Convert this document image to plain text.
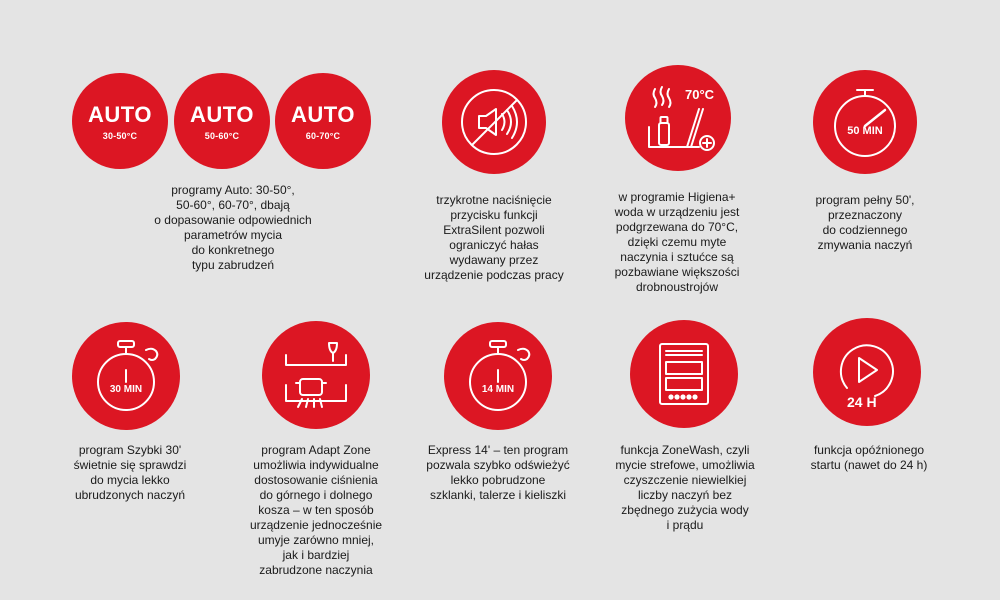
AUTO
30-50°C
AUTO
50-60°C
AUTO
60-70°C
programy Auto: 30-50°,
50-60°, 60-70°, dbają
o dopasowanie odpowiednich
parametrów mycia
do konkretnego
typu zabrudzeń
trzykrotne naciśnięcie
przycisku funkcji
ExtraSilent pozwoli
ograniczyć hałas
wydawany przez
urządzenie podczas pracy
70°C
w programie Higiena+
woda w urządzeniu jest
podgrzewana do 70°C,
dzięki czemu myte
naczynia i sztućce są
pozbawiane większości
drobnoustrojów
50 MIN
program pełny 50',
przeznaczony
do codziennego
zmywania naczyń
30 MIN
program Szybki 30'
świetnie się sprawdzi
do mycia lekko
ubrudzonych naczyń
program Adapt Zone
umożliwia indywidualne
dostosowanie ciśnienia
do górnego i dolnego
kosza – w ten sposób
urządzenie jednocześnie
umyje zarówno mniej,
jak i bardziej
zabrudzone naczynia
14 MIN
Express 14' – ten program
pozwala szybko odświeżyć
lekko pobrudzone
szklanki, talerze i kieliszki
funkcja ZoneWash, czyli
mycie strefowe, umożliwia
czyszczenie niewielkiej
liczby naczyń bez
zbędnego zużycia wody
i prądu
24 H
funkcja opóźnionego
startu (nawet do 24 h)
